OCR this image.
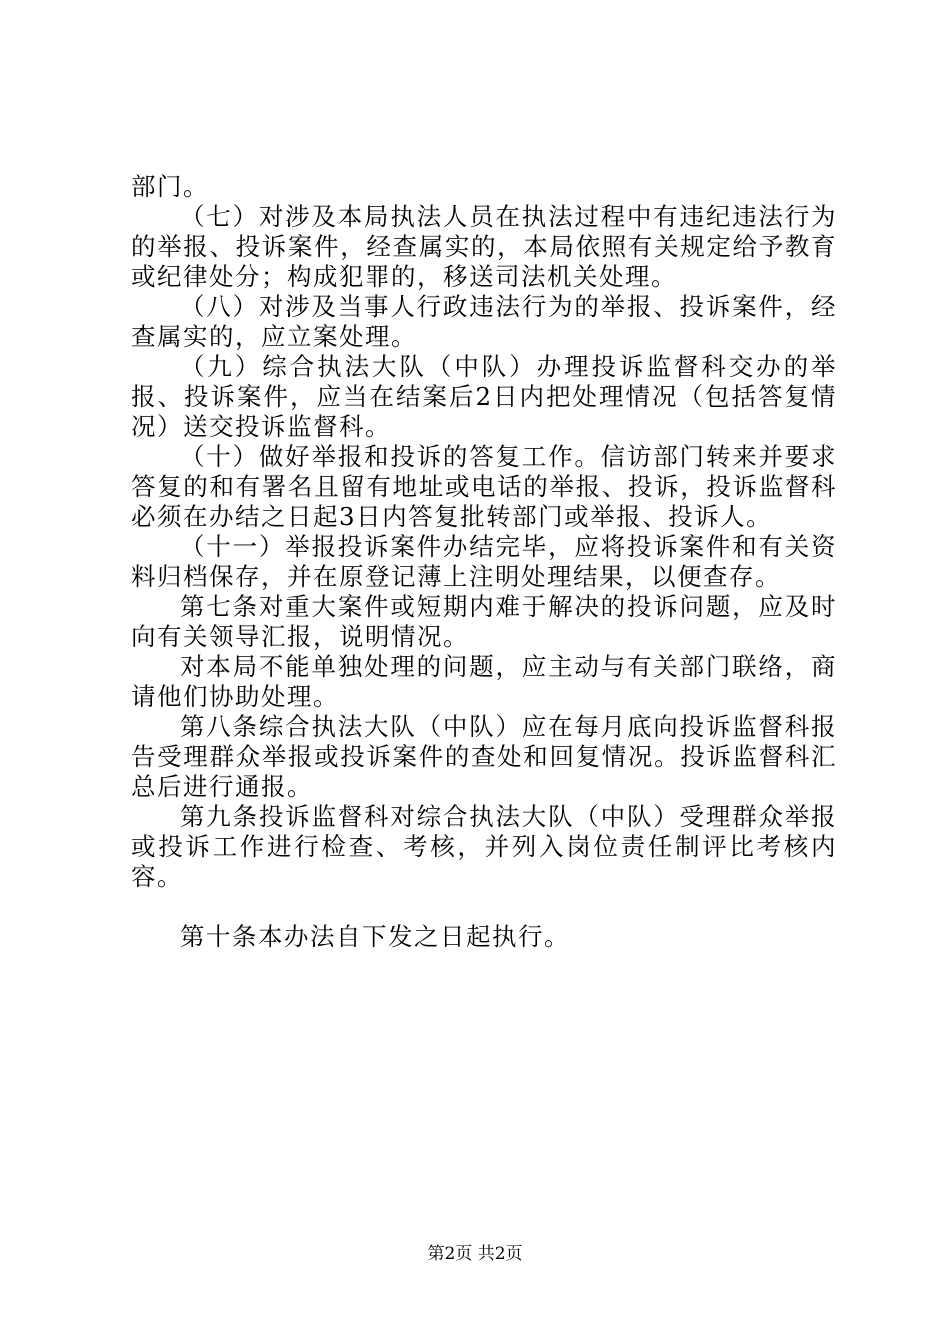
部门。

（七）对涉及本局执法人员在执法过程中有违纪违法行为的举报、投诉案件，经查属实的，本局依照有关规定给予教育或纪律处分；构成犯罪的，移送司法机关处理。

（八）对涉及当事人行政违法行为的举报、投诉案件，经查属实的，应立案处理。

（九）综合执法大队（中队）办理投诉监督科交办的举报、投诉案件，应当在结案后2日内把处理情况（包括答复情况）送交投诉监督科。

（十）做好举报和投诉的答复工作。信访部门转来并要求答复的和有署名且留有地址或电话的举报、投诉，投诉监督科必须在办结之日起3日内答复批转部门或举报、投诉人。

（十一）举报投诉案件办结完毕，应将投诉案件和有关资料归档保存，并在原登记薄上注明处理结果，以便查存。

第七条对重大案件或短期内难于解决的投诉问题，应及时向有关领导汇报，说明情况。

对本局不能单独处理的问题，应主动与有关部门联络，商请他们协助处理。

第八条综合执法大队（中队）应在每月底向投诉监督科报告受理群众举报或投诉案件的查处和回复情况。投诉监督科汇总后进行通报。

第九条投诉监督科对综合执法大队（中队）受理群众举报或投诉工作进行检查、考核，并列入岗位责任制评比考核内容。

第十条本办法自下发之日起执行。

第2页 共2页
